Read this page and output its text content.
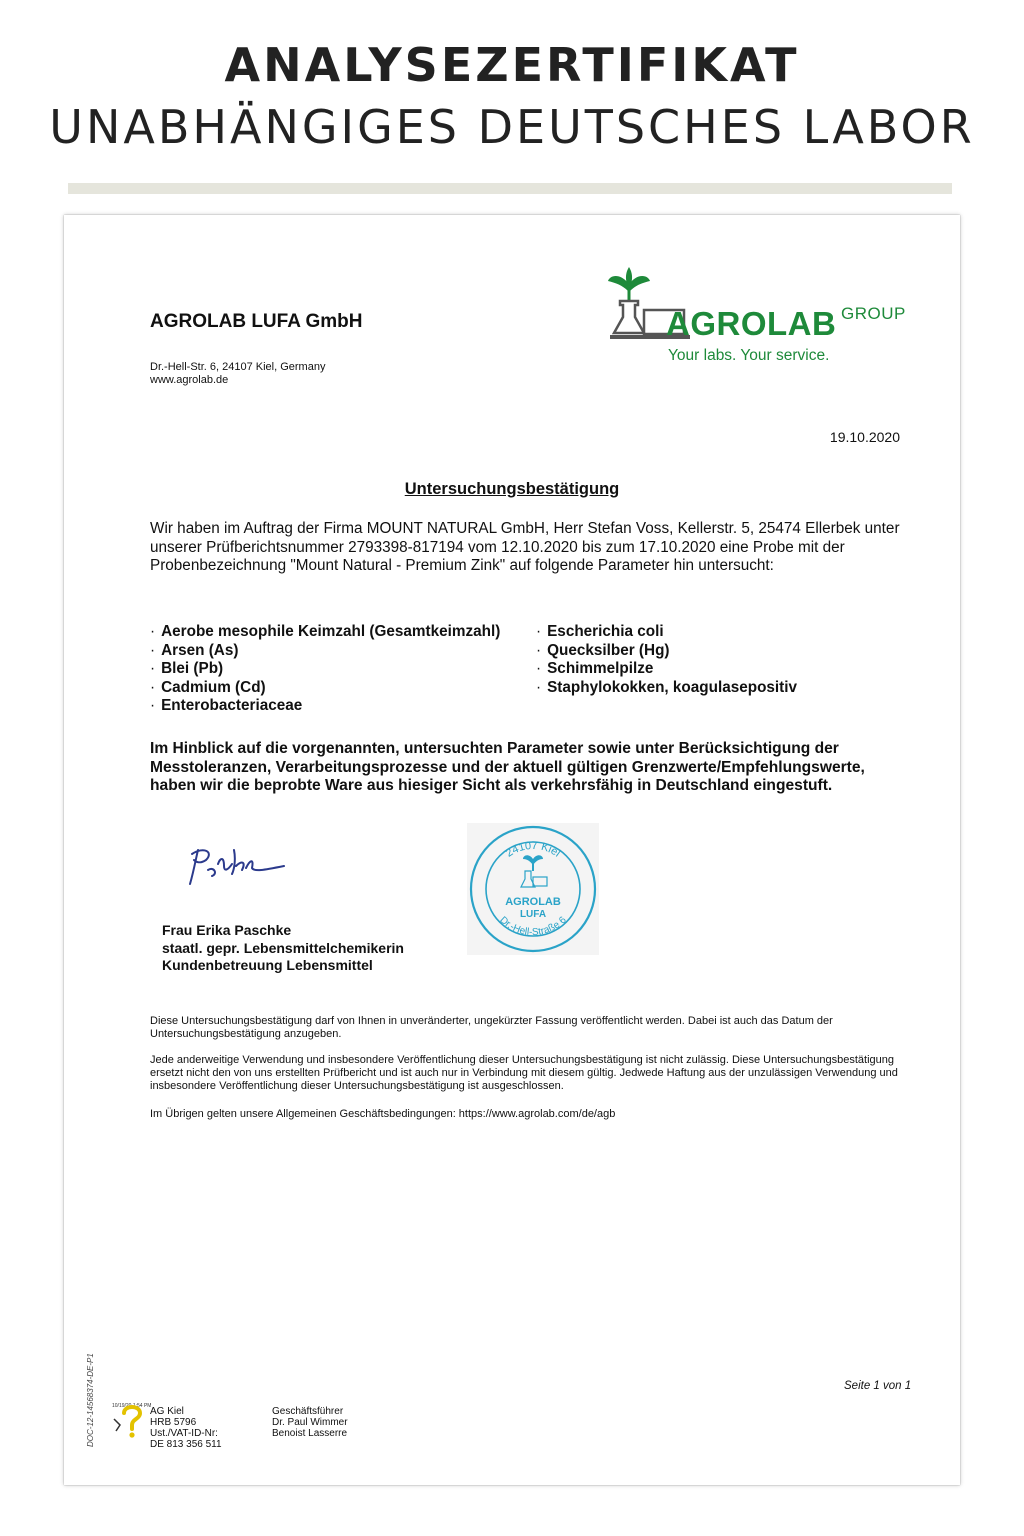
ANALYSEZERTIFIKAT
UNABHÄNGIGES DEUTSCHES LABOR
AGROLAB LUFA GmbH
Dr.-Hell-Str. 6, 24107 Kiel, Germany
www.agrolab.de
AGROLAB GROUP
Your labs. Your service.
19.10.2020
Untersuchungsbestätigung
Wir haben im Auftrag der Firma MOUNT NATURAL GmbH, Herr Stefan Voss, Kellerstr. 5, 25474 Ellerbek unter unserer Prüfberichtsnummer 2793398-817194 vom 12.10.2020 bis zum 17.10.2020 eine Probe mit der Probenbezeichnung "Mount Natural - Premium Zink" auf folgende Parameter hin untersucht:
· Aerobe mesophile Keimzahl (Gesamtkeimzahl)
· Arsen (As)
· Blei (Pb)
· Cadmium (Cd)
· Enterobacteriaceae
· Escherichia coli
· Quecksilber (Hg)
· Schimmelpilze
· Staphylokokken, koagulasepositiv
Im Hinblick auf die vorgenannten, untersuchten Parameter sowie unter Berücksichtigung der Messtoleranzen, Verarbeitungsprozesse und der aktuell gültigen Grenzwerte/Empfehlungswerte, haben wir die beprobte Ware aus hiesiger Sicht als verkehrsfähig in Deutschland eingestuft.
24107 Kiel
Dr.-Hell-Straße 6
AGROLAB
LUFA
Frau Erika Paschke
staatl. gepr. Lebensmittelchemikerin
Kundenbetreuung Lebensmittel
Diese Untersuchungsbestätigung darf von Ihnen in unveränderter, ungekürzter Fassung veröffentlicht werden. Dabei ist auch das Datum der Untersuchungsbestätigung anzugeben.
Jede anderweitige Verwendung und insbesondere Veröffentlichung dieser Untersuchungsbestätigung ist nicht zulässig. Diese Untersuchungsbestätigung ersetzt nicht den von uns erstellten Prüfbericht und ist auch nur in Verbindung mit diesem gültig. Jedwede Haftung aus der unzulässigen Verwendung und insbesondere Veröffentlichung dieser Untersuchungsbestätigung ist ausgeschlossen.
Im Übrigen gelten unsere Allgemeinen Geschäftsbedingungen: https://www.agrolab.com/de/agb
Seite 1 von 1
DOC-12-14568374-DE-P1	10/19/20 1:54 PM
AG Kiel
HRB 5796
Ust./VAT-ID-Nr:
DE 813 356 511
Geschäftsführer
Dr. Paul Wimmer
Benoist Lasserre
